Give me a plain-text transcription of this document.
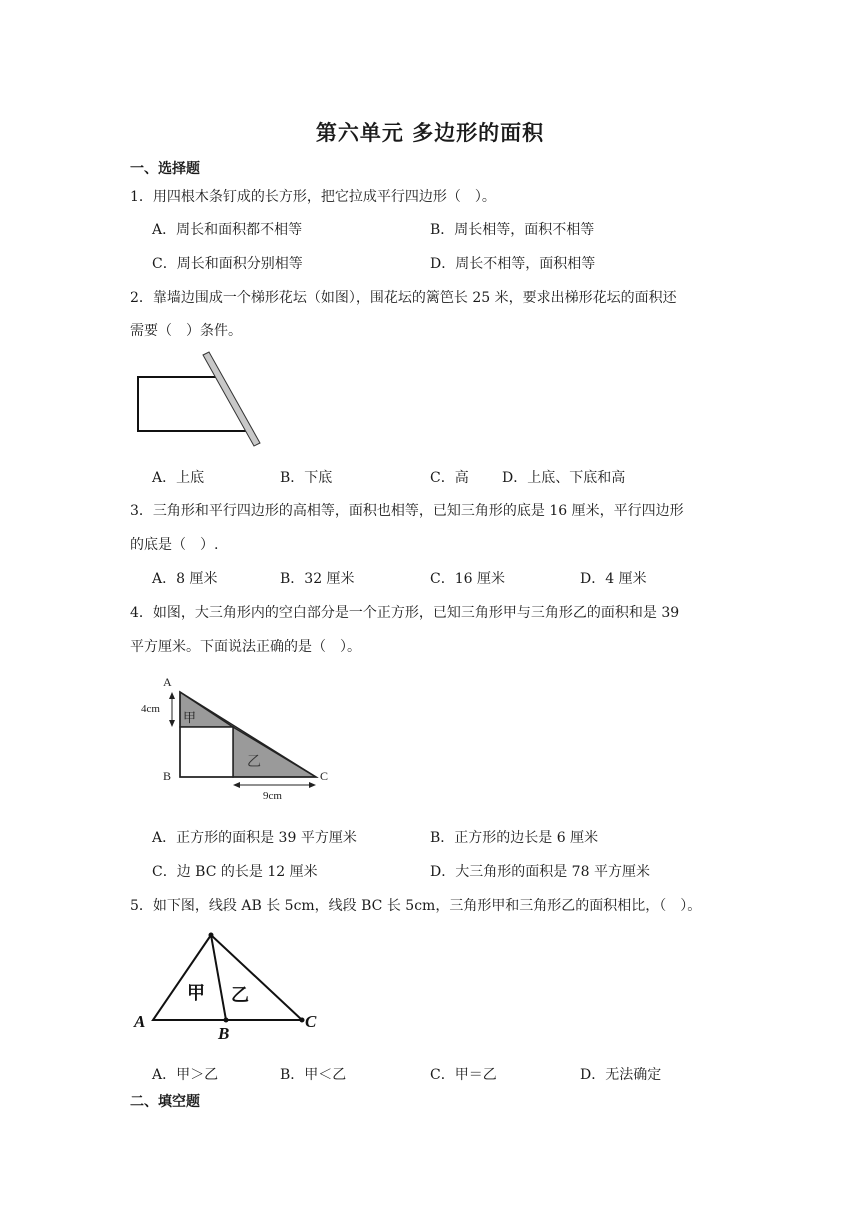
第六单元 多边形的面积
一、选择题
1．用四根木条钉成的长方形，把它拉成平行四边形（　）。
A．周长和面积都不相等	B．周长相等，面积不相等
C．周长和面积分别相等	D．周长不相等，面积相等
2．靠墙边围成一个梯形花坛（如图），围花坛的篱笆长 25 米，要求出梯形花坛的面积还
需要（　）条件。
A．上底	B．下底	C．高 D．上底、下底和高
3．三角形和平行四边形的高相等，面积也相等，已知三角形的底是 16 厘米，平行四边形
的底是（　）.
A．8 厘米	B．32 厘米	C．16 厘米	D．4 厘米
4．如图，大三角形内的空白部分是一个正方形，已知三角形甲与三角形乙的面积和是 39
平方厘米。下面说法正确的是（　）。
A
B	C
甲
乙
4cm
9cm
A．正方形的面积是 39 平方厘米	B．正方形的边长是 6 厘米
C．边 BC 的长是 12 厘米	D．大三角形的面积是 78 平方厘米
5．如下图，线段 AB 长 5cm，线段 BC 长 5cm，三角形甲和三角形乙的面积相比，（　）。
A
B
C
甲 乙
A．甲＞乙	B．甲＜乙	C．甲＝乙	D．无法确定
二、填空题
